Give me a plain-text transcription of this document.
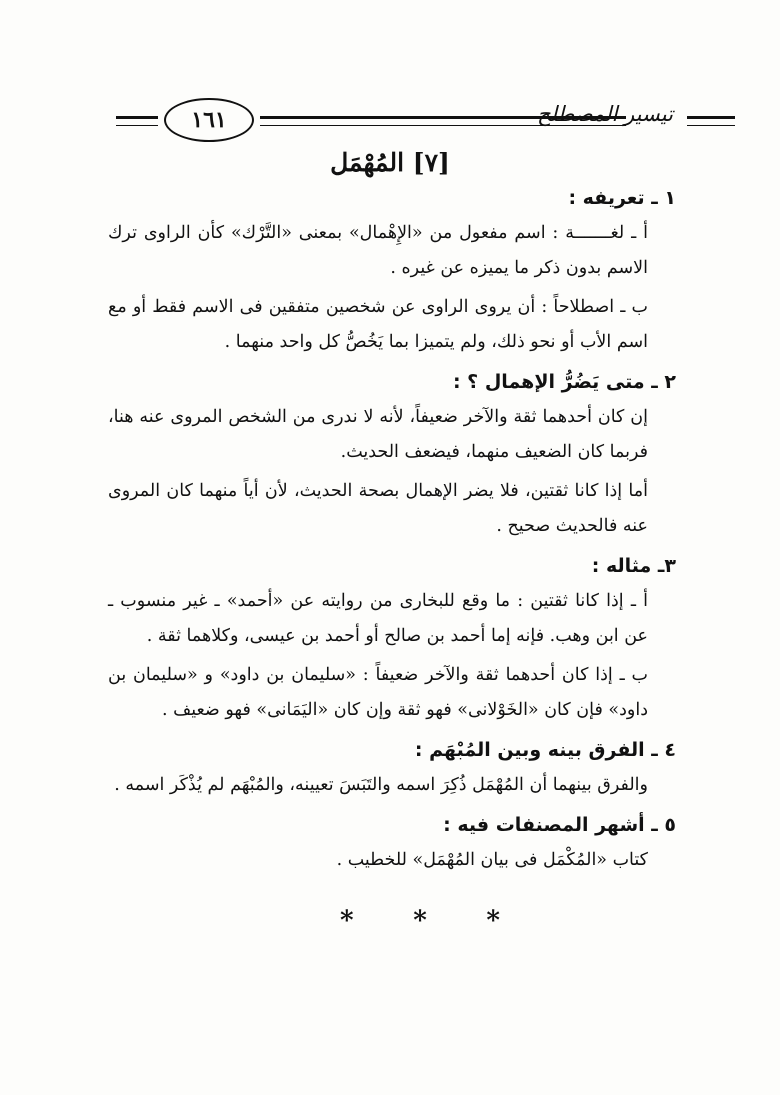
١٦١	تيسير المصطلح
[٧] المُهْمَل
١ ـ تعريفه :

أ ـ لغـــــــة : اسم مفعول من «الإِهْمال» بمعنى «التَّرْك» كأن الراوى ترك الاسم بدون ذكر ما يميزه عن غيره .

ب ـ اصطلاحاً : أن يروى الراوى عن شخصين متفقين فى الاسم فقط أو مع اسم الأب أو نحو ذلك، ولم يتميزا بما يَخُصُّ كل واحد منهما .

٢ ـ متى يَضُرُّ الإهمال ؟ :

إن كان أحدهما ثقة والآخر ضعيفاً، لأنه لا ندرى من الشخص المروى عنه هنا، فربما كان الضعيف منهما، فيضعف الحديث.

أما إذا كانا ثقتين، فلا يضر الإهمال بصحة الحديث، لأن أياً منهما كان المروى عنه فالحديث صحيح .

٣ـ مثاله :

أ ـ إذا كانا ثقتين : ما وقع للبخارى من روايته عن «أحمد» ـ غير منسوب ـ عن ابن وهب. فإنه إما أحمد بن صالح أو أحمد بن عيسى، وكلاهما ثقة .

ب ـ إذا كان أحدهما ثقة والآخر ضعيفاً : «سليمان بن داود» و «سليمان بن داود» فإن كان «الخَوْلانى» فهو ثقة وإن كان «اليَمَانى» فهو ضعيف .

٤ ـ الفرق بينه وبين المُبْهَم :

والفرق بينهما أن المُهْمَل ذُكِرَ اسمه والتَبَسَ تعيينه، والمُبْهَم لم يُذْكَر اسمه .

٥ ـ أشهر المصنفات فيه :

كتاب «المُكْمَل فى بيان المُهْمَل» للخطيب .

* * *
